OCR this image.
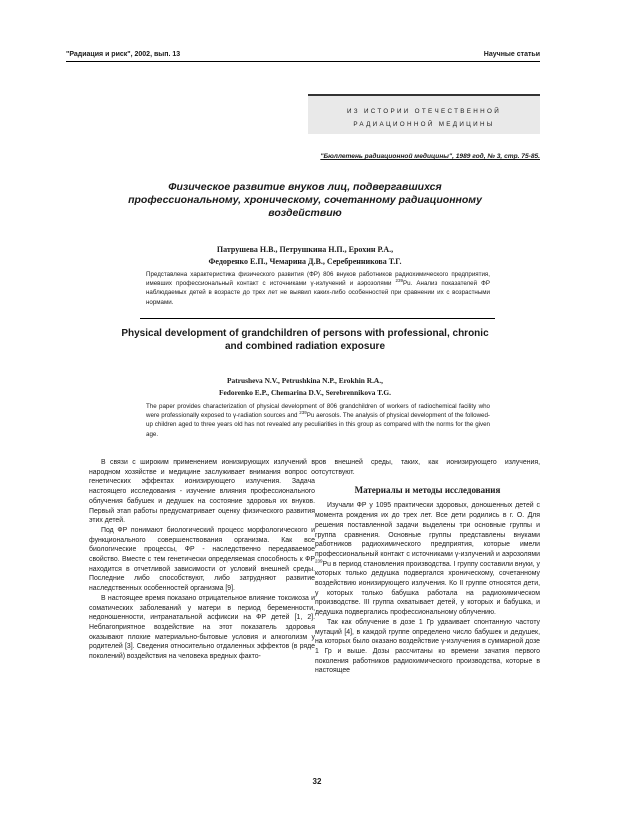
"Радиация и риск", 2002, вып. 13	Научные статьи
ИЗ ИСТОРИИ ОТЕЧЕСТВЕННОЙ
РАДИАЦИОННОЙ МЕДИЦИНЫ
"Бюллетень радиационной медицины", 1989 год, № 3, стр. 75-85.
Физическое развитие внуков лиц, подвергавшихся профессиональному, хроническому, сочетанному радиационному воздействию
Патрушева Н.В., Петрушкина Н.П., Ерохин Р.А.,
Федоренко Е.П., Чемарина Д.В., Серебренникова Т.Г.
Представлена характеристика физического развития (ФР) 806 внуков работников радиохимического предприятия, имевших профессиональный контакт с источниками γ-излучений и аэрозолями $^{239}$Pu. Анализ показателей ФР наблюдаемых детей в возрасте до трех лет не выявил каких-либо особенностей при сравнении их с возрастными нормами.
Physical development of grandchildren of persons with professional, chronic and combined radiation exposure
Patrusheva N.V., Petrushkina N.P., Erokhin R.A.,
Fedorenko E.P., Chemarina D.V., Serebrennikova T.G.
The paper provides characterization of physical development of 806 grandchildren of workers of radiochemical facility who were professionally exposed to γ-radiation sources and $^{239}$Pu aerosols. The analysis of physical development of the followed-up children aged to three years old has not revealed any peculiarities in this group as compared with the norms for the given age.

В связи с широким применением ионизирующих излучений в народном хозяйстве и медицине заслуживает внимания вопрос о генетических эффектах ионизирующего излучения. Задача настоящего исследования - изучение влияния профессионального облучения бабушек и дедушек на состояние здоровья их внуков. Первый этап работы предусматривает оценку физического развития этих детей.

Под ФР понимают биологический процесс морфологического и функционального совершенствования организма. Как все биологические процессы, ФР - наследственно передаваемое свойство. Вместе с тем генетически определяемая способность к ФР находится в отчетливой зависимости от условий внешней среды. Последние либо способствуют, либо затрудняют развитие наследственных особенностей организма [9].

В настоящее время показано отрицательное влияние токсикоза и соматических заболеваний у матери в период беременности, недоношенности, интранатальной асфиксии на ФР детей [1, 2]. Неблагоприятное воздействие на этот показатель здоровья оказывают плохие материально-бытовые условия и алкоголизм у родителей [3]. Сведения относительно отдаленных эффектов (в ряде поколений) воздействия на человека вредных факто-

ров внешней среды, таких, как ионизирующего излучения, отсутствуют.

Материалы и методы исследования

Изучали ФР у 1095 практически здоровых, доношенных детей с момента рождения их до трех лет. Все дети родились в г. О. Для решения поставленной задачи выделены три основные группы и группа сравнения. Основные группы представлены внуками работников радиохимического предприятия, которые имели профессиональный контакт с источниками γ-излучений и аэрозолями $^{239}$Pu в период становления производства. I группу составили внуки, у которых только дедушка подвергался хроническому, сочетанному воздействию ионизирующего излучения. Ко II группе относятся дети, у которых только бабушка работала на радиохимическом производстве. III группа охватывает детей, у которых и бабушка, и дедушка подвергались профессиональному облучению.

Так как облучение в дозе 1 Гр удваивает спонтанную частоту мутаций [4], в каждой группе определено число бабушек и дедушек, на которых было оказано воздействие γ-излучения в суммарной дозе 1 Гр и выше. Дозы рассчитаны ко времени зачатия первого поколения работников радиохимического производства, которые в настоящее

32
